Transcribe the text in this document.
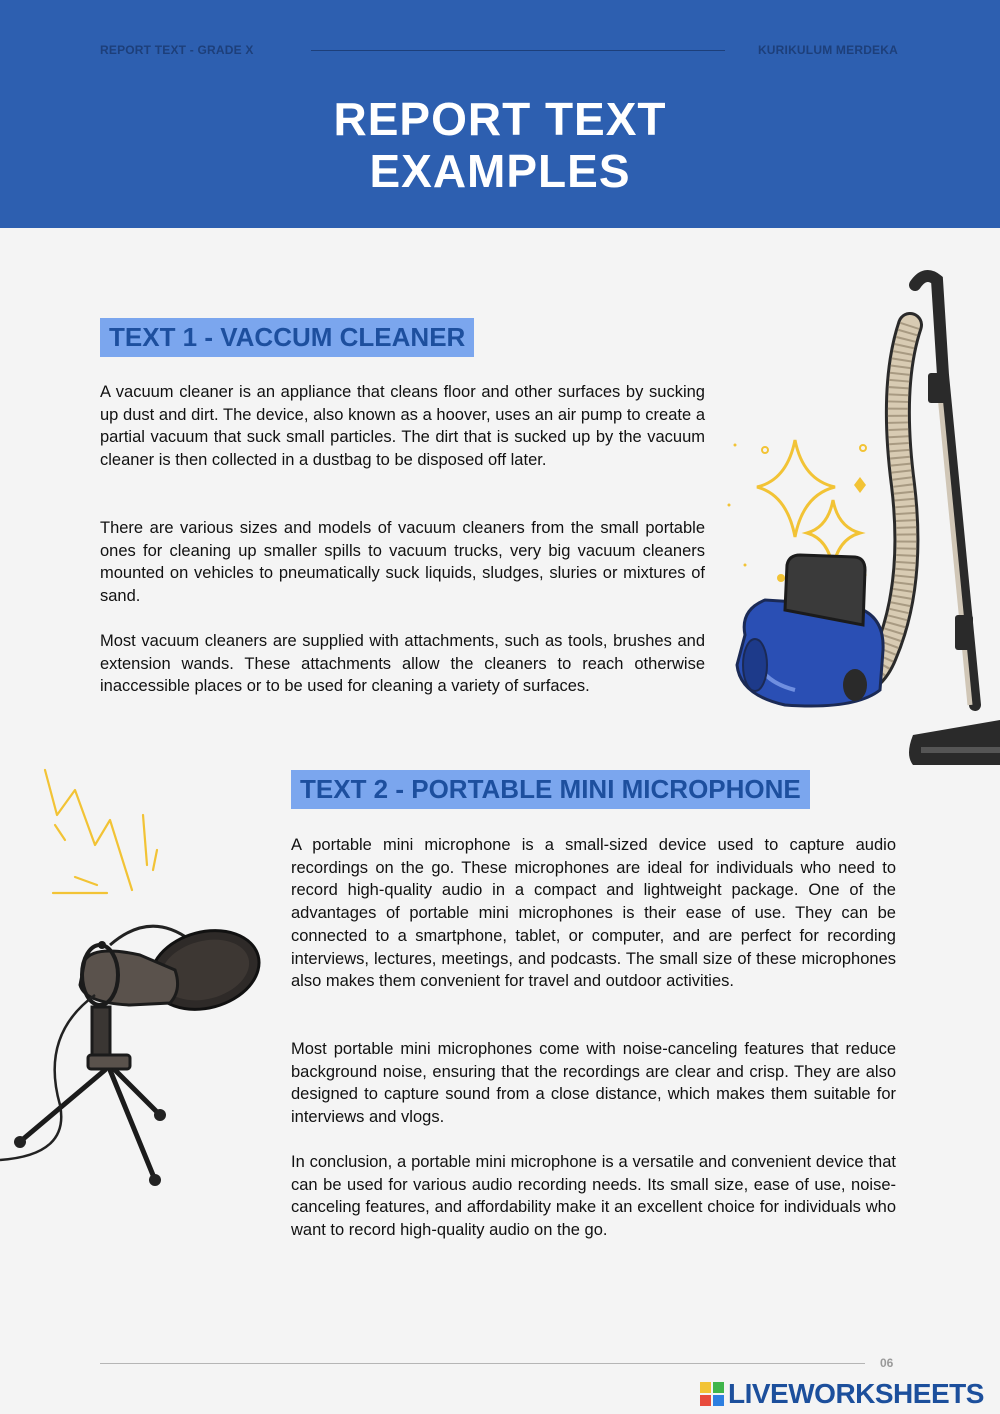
REPORT TEXT - GRADE X	KURIKULUM MERDEKA
REPORT TEXT
EXAMPLES
TEXT 1 - VACCUM CLEANER

A vacuum cleaner is an appliance that cleans floor and other surfaces by sucking up dust and dirt. The device, also known as a hoover, uses an air pump to create a partial vacuum that suck small particles. The dirt that is sucked up by the vacuum cleaner is then collected in a dustbag to be disposed off later.

There are various sizes and models of vacuum cleaners from the small portable ones for cleaning up smaller spills to vacuum trucks, very big vacuum cleaners mounted on vehicles to pneumatically suck liquids, sludges, sluries or mixtures of sand.

Most vacuum cleaners are supplied with attachments, such as tools, brushes and extension wands. These attachments allow the cleaners to reach otherwise inaccessible places or to be used for cleaning a variety of surfaces.

TEXT 2 - PORTABLE MINI MICROPHONE

A portable mini microphone is a small-sized device used to capture audio recordings on the go. These microphones are ideal for individuals who need to record high-quality audio in a compact and lightweight package. One of the advantages of portable mini microphones is their ease of use. They can be connected to a smartphone, tablet, or computer, and are perfect for recording interviews, lectures, meetings, and podcasts. The small size of these microphones also makes them convenient for travel and outdoor activities.

Most portable mini microphones come with noise-canceling features that reduce background noise, ensuring that the recordings are clear and crisp. They are also designed to capture sound from a close distance, which makes them suitable for interviews and vlogs.

In conclusion, a portable mini microphone is a versatile and convenient device that can be used for various audio recording needs. Its small size, ease of use, noise-canceling features, and affordability make it an excellent choice for individuals who want to record high-quality audio on the go.

06
LIVEWORKSHEETS
